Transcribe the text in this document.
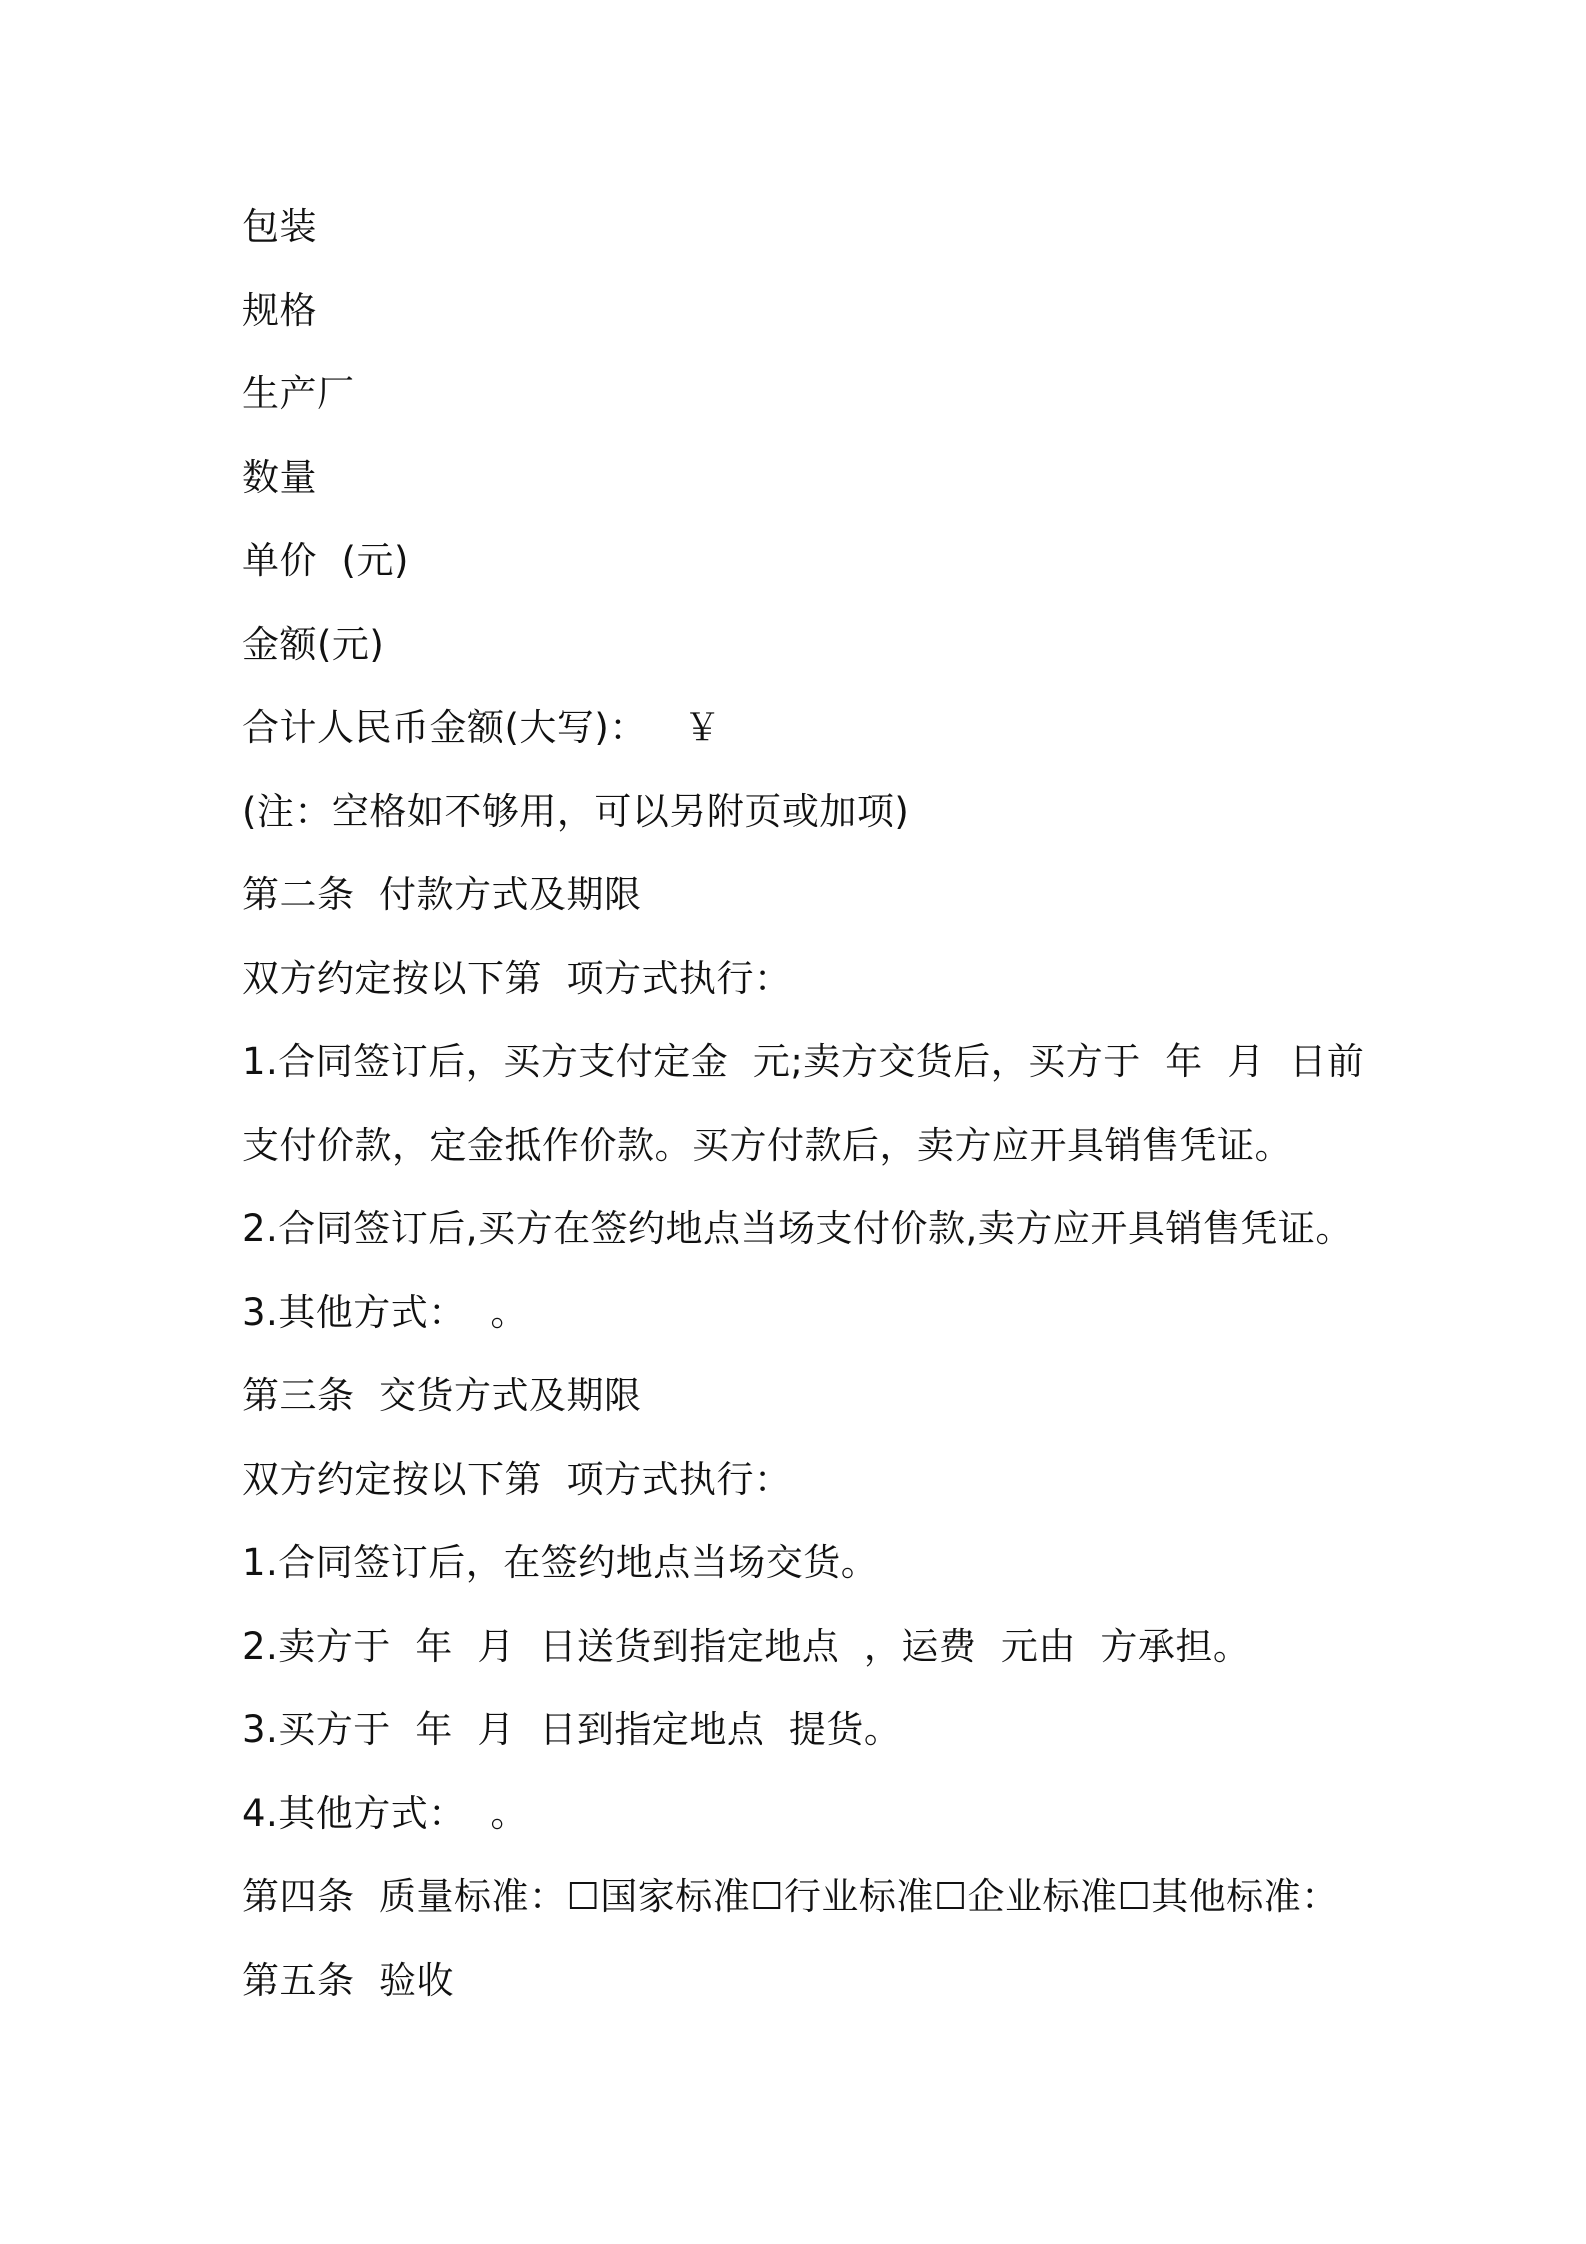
包装
规格
生产厂
数量
单价  (元)
金额(元)
合计人民币金额(大写)：   ￥
(注：空格如不够用，可以另附页或加项)
第二条  付款方式及期限
双方约定按以下第  项方式执行：
1.合同签订后，买方支付定金  元;卖方交货后，买方于  年  月  日前
支付价款，定金抵作价款。买方付款后，卖方应开具销售凭证。
2.合同签订后,买方在签约地点当场支付价款,卖方应开具销售凭证。
3.其他方式：  。
第三条  交货方式及期限
双方约定按以下第  项方式执行：
1.合同签订后，在签约地点当场交货。
2.卖方于  年  月  日送货到指定地点  ，运费  元由  方承担。
3.买方于  年  月  日到指定地点  提货。
4.其他方式：  。
第四条  质量标准：☐国家标准☐行业标准☐企业标准☐其他标准：
第五条  验收
